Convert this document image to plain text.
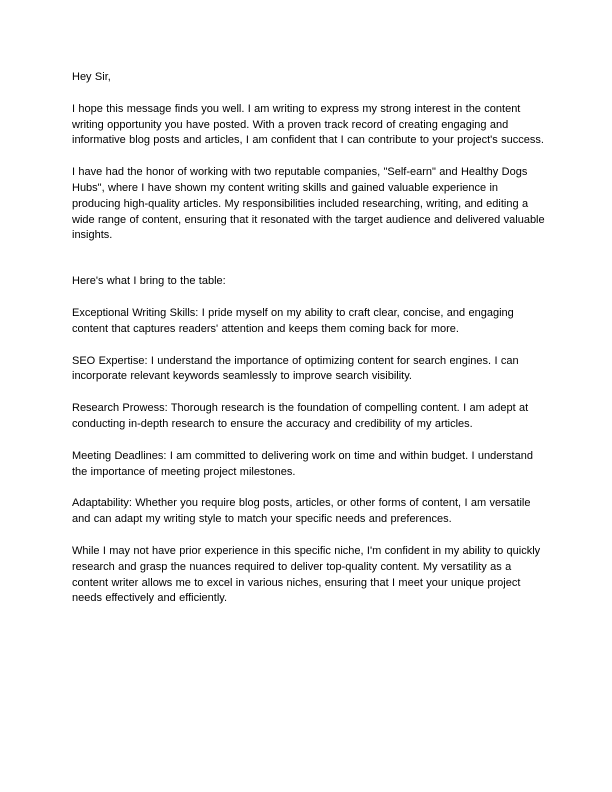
Hey Sir,

I hope this message finds you well. I am writing to express my strong interest in the content writing opportunity you have posted. With a proven track record of creating engaging and informative blog posts and articles, I am confident that I can contribute to your project's success.

I have had the honor of working with two reputable companies, "Self-earn" and Healthy Dogs Hubs", where I have shown my content writing skills and gained valuable experience in producing high-quality articles. My responsibilities included researching, writing, and editing a wide range of content, ensuring that it resonated with the target audience and delivered valuable insights.

Here's what I bring to the table:

Exceptional Writing Skills: I pride myself on my ability to craft clear, concise, and engaging content that captures readers' attention and keeps them coming back for more.

SEO Expertise: I understand the importance of optimizing content for search engines. I can incorporate relevant keywords seamlessly to improve search visibility.

Research Prowess: Thorough research is the foundation of compelling content. I am adept at conducting in-depth research to ensure the accuracy and credibility of my articles.

Meeting Deadlines: I am committed to delivering work on time and within budget. I understand the importance of meeting project milestones.

Adaptability: Whether you require blog posts, articles, or other forms of content, I am versatile and can adapt my writing style to match your specific needs and preferences.

While I may not have prior experience in this specific niche, I'm confident in my ability to quickly research and grasp the nuances required to deliver top-quality content. My versatility as a content writer allows me to excel in various niches, ensuring that I meet your unique project needs effectively and efficiently.
